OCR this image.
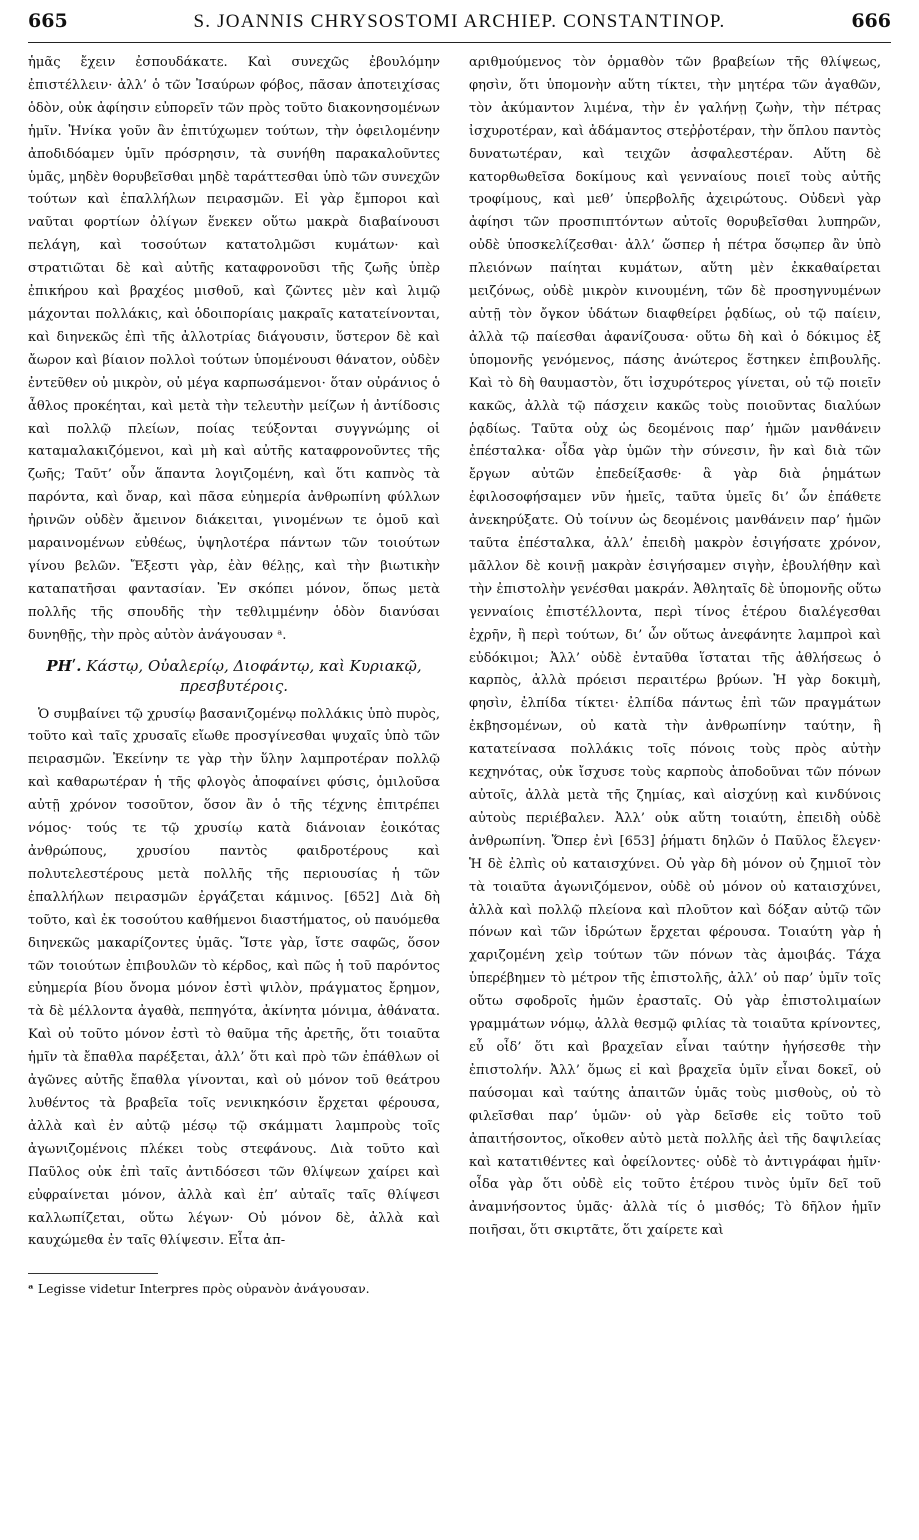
665	S. JOANNIS CHRYSOSTOMI ARCHIEP. CONSTANTINOP.	666

ἡμᾶς ἔχειν ἐσπουδάκατε. Καὶ συνεχῶς ἐβουλόμην ἐπιστέλλειν· ἀλλ’ ὁ τῶν Ἰσαύρων φόβος, πᾶσαν ἀποτειχίσας ὁδὸν, οὐκ ἀφίησιν εὐπορεῖν τῶν πρὸς τοῦτο διακονησομένων ἡμῖν. Ἡνίκα γοῦν ἂν ἐπιτύχωμεν τούτων, τὴν ὀφειλομένην ἀποδιδόαμεν ὑμῖν πρόσρησιν, τὰ συνήθη παρακαλοῦντες ὑμᾶς, μηδὲν θορυβεῖσθαι μηδὲ ταράττεσθαι ὑπὸ τῶν συνεχῶν τούτων καὶ ἐπαλλήλων πειρασμῶν. Εἰ γὰρ ἔμποροι καὶ ναῦται φορτίων ὀλίγων ἕνεκεν οὕτω μακρὰ διαβαίνουσι πελάγη, καὶ τοσούτων κατατολμῶσι κυμάτων· καὶ στρατιῶται δὲ καὶ αὐτῆς καταφρονοῦσι τῆς ζωῆς ὑπὲρ ἐπικήρου καὶ βραχέος μισθοῦ, καὶ ζῶντες μὲν καὶ λιμῷ μάχονται πολλάκις, καὶ ὁδοιπορίαις μακραῖς κατατείνονται, καὶ διηνεκῶς ἐπὶ τῆς ἀλλοτρίας διάγουσιν, ὕστερον δὲ καὶ ἄωρον καὶ βίαιον πολλοὶ τούτων ὑπομένουσι θάνατον, οὐδὲν ἐντεῦθεν οὐ μικρὸν, οὐ μέγα καρπωσάμενοι· ὅταν οὐράνιος ὁ ἆθλος προκέηται, καὶ μετὰ τὴν τελευτὴν μείζων ἡ ἀντίδοσις καὶ πολλῷ πλείων, ποίας τεύξονται συγγνώμης οἱ καταμαλακιζόμενοι, καὶ μὴ καὶ αὐτῆς καταφρονοῦντες τῆς ζωῆς; Ταῦτ’ οὖν ἅπαντα λογιζομένη, καὶ ὅτι καπνὸς τὰ παρόντα, καὶ ὄναρ, καὶ πᾶσα εὐημερία ἀνθρωπίνη φύλλων ἠρινῶν οὐδὲν ἄμεινον διάκειται, γινομένων τε ὁμοῦ καὶ μαραινομένων εὐθέως, ὑψηλοτέρα πάντων τῶν τοιούτων γίνου βελῶν. Ἔξεστι γὰρ, ἐὰν θέλῃς, καὶ τὴν βιωτικὴν καταπατῆσαι φαντασίαν. Ἐν σκόπει μόνον, ὅπως μετὰ πολλῆς τῆς σπουδῆς τὴν τεθλιμμένην ὁδὸν διανύσαι δυνηθῇς, τὴν πρὸς αὐτὸν ἀνάγουσαν ᵃ.

ΡΗʹ. Κάστῳ, Οὐαλερίῳ, Διοφάντῳ, καὶ Κυριακῷ, πρεσβυτέροις.

Ὁ συμβαίνει τῷ χρυσίῳ βασανιζομένῳ πολλάκις ὑπὸ πυρὸς, τοῦτο καὶ ταῖς χρυσαῖς εἴωθε προσγίνεσθαι ψυχαῖς ὑπὸ τῶν πειρασμῶν. Ἐκείνην τε γὰρ τὴν ὕλην λαμπροτέραν πολλῷ καὶ καθαρωτέραν ἡ τῆς φλογὸς ἀποφαίνει φύσις, ὁμιλοῦσα αὐτῇ χρόνον τοσοῦτον, ὅσον ἂν ὁ τῆς τέχνης ἐπιτρέπει νόμος· τούς τε τῷ χρυσίῳ κατὰ διάνοιαν ἐοικότας ἀνθρώπους, χρυσίου παντὸς φαιδροτέρους καὶ πολυτελεστέρους μετὰ πολλῆς τῆς περιουσίας ἡ τῶν ἐπαλλήλων πειρασμῶν ἐργάζεται κάμινος. [652] Διὰ δὴ τοῦτο, καὶ ἐκ τοσούτου καθήμενοι διαστήματος, οὐ παυόμεθα διηνεκῶς μακαρίζοντες ὑμᾶς. Ἴστε γὰρ, ἴστε σαφῶς, ὅσον τῶν τοιούτων ἐπιβουλῶν τὸ κέρδος, καὶ πῶς ἡ τοῦ παρόντος εὐημερία βίου ὄνομα μόνον ἐστὶ ψιλὸν, πράγματος ἔρημον, τὰ δὲ μέλλοντα ἀγαθὰ, πεπηγότα, ἀκίνητα μόνιμα, ἀθάνατα. Καὶ οὐ τοῦτο μόνον ἐστὶ τὸ θαῦμα τῆς ἀρετῆς, ὅτι τοιαῦτα ἡμῖν τὰ ἔπαθλα παρέξεται, ἀλλ’ ὅτι καὶ πρὸ τῶν ἐπάθλων οἱ ἀγῶνες αὐτῆς ἔπαθλα γίνονται, καὶ οὐ μόνον τοῦ θεάτρου λυθέντος τὰ βραβεῖα τοῖς νενικηκόσιν ἔρχεται φέρουσα, ἀλλὰ καὶ ἐν αὐτῷ μέσῳ τῷ σκάμματι λαμπροὺς τοῖς ἀγωνιζομένοις πλέκει τοὺς στεφάνους. Διὰ τοῦτο καὶ Παῦλος οὐκ ἐπὶ ταῖς ἀντιδόσεσι τῶν θλίψεων χαίρει καὶ εὐφραίνεται μόνον, ἀλλὰ καὶ ἐπ’ αὐταῖς ταῖς θλίψεσι καλλωπίζεται, οὕτω λέγων· Οὐ μόνον δὲ, ἀλλὰ καὶ καυχώμεθα ἐν ταῖς θλίψεσιν. Εἶτα ἀπ-

ᵃ Legisse videtur Interpres πρὸς οὐρανὸν ἀνάγουσαν.

αριθμούμενος τὸν ὁρμαθὸν τῶν βραβείων τῆς θλίψεως, φησὶν, ὅτι ὑπομονὴν αὕτη τίκτει, τὴν μητέρα τῶν ἀγαθῶν, τὸν ἀκύμαντον λιμένα, τὴν ἐν γαλήνῃ ζωὴν, τὴν πέτρας ἰσχυροτέραν, καὶ ἀδάμαντος στεῤῥοτέραν, τὴν ὅπλου παντὸς δυνατωτέραν, καὶ τειχῶν ἀσφαλεστέραν. Αὕτη δὲ κατορθωθεῖσα δοκίμους καὶ γενναίους ποιεῖ τοὺς αὐτῆς τροφίμους, καὶ μεθ’ ὑπερβολῆς ἀχειρώτους. Οὐδενὶ γὰρ ἀφίησι τῶν προσπιπτόντων αὐτοῖς θορυβεῖσθαι λυπηρῶν, οὐδὲ ὑποσκελίζεσθαι· ἀλλ’ ὥσπερ ἡ πέτρα ὅσῳπερ ἂν ὑπὸ πλειόνων παίηται κυμάτων, αὕτη μὲν ἐκκαθαίρεται μειζόνως, οὐδὲ μικρὸν κινουμένη, τῶν δὲ προσηγνυμένων αὐτῇ τὸν ὄγκον ὑδάτων διαφθείρει ῥᾳδίως, οὐ τῷ παίειν, ἀλλὰ τῷ παίεσθαι ἀφανίζουσα· οὕτω δὴ καὶ ὁ δόκιμος ἐξ ὑπομονῆς γενόμενος, πάσης ἀνώτερος ἕστηκεν ἐπιβουλῆς. Καὶ τὸ δὴ θαυμαστὸν, ὅτι ἰσχυρότερος γίνεται, οὐ τῷ ποιεῖν κακῶς, ἀλλὰ τῷ πάσχειν κακῶς τοὺς ποιοῦντας διαλύων ῥᾳδίως. Ταῦτα οὐχ ὡς δεομένοις παρ’ ἡμῶν μανθάνειν ἐπέσταλκα· οἶδα γὰρ ὑμῶν τὴν σύνεσιν, ἣν καὶ διὰ τῶν ἔργων αὐτῶν ἐπεδείξασθε· ἃ γὰρ διὰ ῥημάτων ἐφιλοσοφήσαμεν νῦν ἡμεῖς, ταῦτα ὑμεῖς δι’ ὧν ἐπάθετε ἀνεκηρύξατε. Οὐ τοίνυν ὡς δεομένοις μανθάνειν παρ’ ἡμῶν ταῦτα ἐπέσταλκα, ἀλλ’ ἐπειδὴ μακρὸν ἐσιγήσατε χρόνον, μᾶλλον δὲ κοινῇ μακρὰν ἐσιγήσαμεν σιγὴν, ἐβουλήθην καὶ τὴν ἐπιστολὴν γενέσθαι μακράν. Ἀθληταῖς δὲ ὑπομονῆς οὕτω γενναίοις ἐπιστέλλοντα, περὶ τίνος ἑτέρου διαλέγεσθαι ἐχρῆν, ἢ περὶ τούτων, δι’ ὧν οὕτως ἀνεφάνητε λαμπροὶ καὶ εὐδόκιμοι; Ἀλλ’ οὐδὲ ἐνταῦθα ἵσταται τῆς ἀθλήσεως ὁ καρπὸς, ἀλλὰ πρόεισι περαιτέρω βρύων. Ἡ γὰρ δοκιμὴ, φησὶν, ἐλπίδα τίκτει· ἐλπίδα πάντως ἐπὶ τῶν πραγμάτων ἐκβησομένων, οὐ κατὰ τὴν ἀνθρωπίνην ταύτην, ἣ κατατείνασα πολλάκις τοῖς πόνοις τοὺς πρὸς αὐτὴν κεχηνότας, οὐκ ἴσχυσε τοὺς καρποὺς ἀποδοῦναι τῶν πόνων αὐτοῖς, ἀλλὰ μετὰ τῆς ζημίας, καὶ αἰσχύνῃ καὶ κινδύνοις αὐτοὺς περιέβαλεν. Ἀλλ’ οὐκ αὕτη τοιαύτη, ἐπειδὴ οὐδὲ ἀνθρωπίνη. Ὅπερ ἐνὶ [653] ῥήματι δηλῶν ὁ Παῦλος ἔλεγεν· Ἡ δὲ ἐλπὶς οὐ καταισχύνει. Οὐ γὰρ δὴ μόνον οὐ ζημιοῖ τὸν τὰ τοιαῦτα ἀγωνιζόμενον, οὐδὲ οὐ μόνον οὐ καταισχύνει, ἀλλὰ καὶ πολλῷ πλείονα καὶ πλοῦτον καὶ δόξαν αὐτῷ τῶν πόνων καὶ τῶν ἱδρώτων ἔρχεται φέρουσα. Τοιαύτη γὰρ ἡ χαριζομένη χεὶρ τούτων τῶν πόνων τὰς ἀμοιβάς. Τάχα ὑπερέβημεν τὸ μέτρον τῆς ἐπιστολῆς, ἀλλ’ οὐ παρ’ ὑμῖν τοῖς οὕτω σφοδροῖς ἡμῶν ἐρασταῖς. Οὐ γὰρ ἐπιστολιμαίων γραμμάτων νόμῳ, ἀλλὰ θεσμῷ φιλίας τὰ τοιαῦτα κρίνοντες, εὖ οἶδ’ ὅτι καὶ βραχεῖαν εἶναι ταύτην ἡγήσεσθε τὴν ἐπιστολήν. Ἀλλ’ ὅμως εἰ καὶ βραχεῖα ὑμῖν εἶναι δοκεῖ, οὐ παύσομαι καὶ ταύτης ἀπαιτῶν ὑμᾶς τοὺς μισθοὺς, οὐ τὸ φιλεῖσθαι παρ’ ὑμῶν· οὐ γὰρ δεῖσθε εἰς τοῦτο τοῦ ἀπαιτήσοντος, οἴκοθεν αὐτὸ μετὰ πολλῆς ἀεὶ τῆς δαψιλείας καὶ κατατιθέντες καὶ ὀφείλοντες· οὐδὲ τὸ ἀντιγράφαι ἡμῖν· οἶδα γὰρ ὅτι οὐδὲ εἰς τοῦτο ἑτέρου τινὸς ὑμῖν δεῖ τοῦ ἀναμνήσοντος ὑμᾶς· ἀλλὰ τίς ὁ μισθός; Τὸ δῆλον ἡμῖν ποιῆσαι, ὅτι σκιρτᾶτε, ὅτι χαίρετε καὶ
